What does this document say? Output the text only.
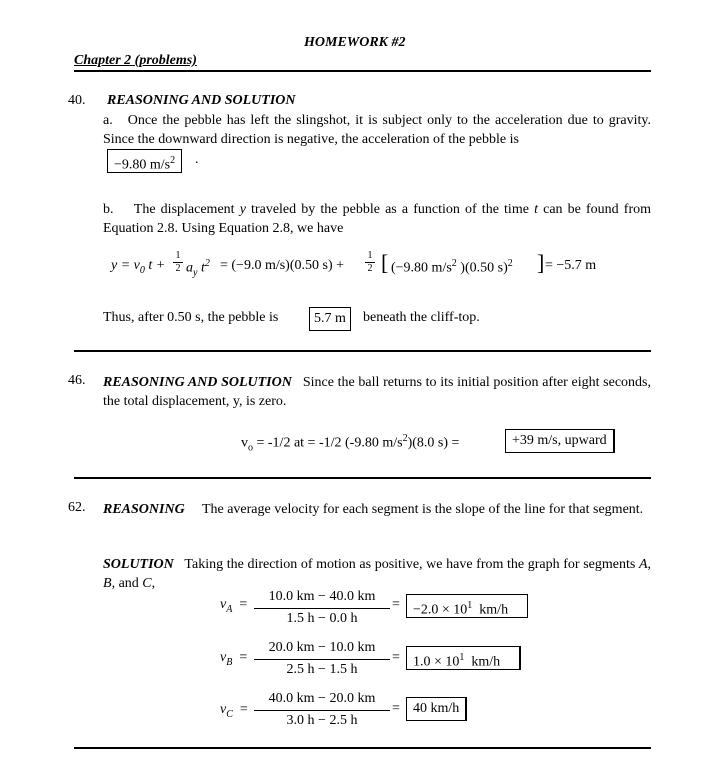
HOMEWORK #2
Chapter 2 (problems)
40. REASONING AND SOLUTION
a. Once the pebble has left the slingshot, it is subject only to the acceleration due to gravity. Since the downward direction is negative, the acceleration of the pebble is
−9.80 $m/s^2$	.
b. The displacement y traveled by the pebble as a function of the time t can be found from Equation 2.8. Using Equation 2.8, we have
$y = v_0$ $t + \frac{1}{2} a_y$ $t^2 = (-9.0$ m/s)(0.50 $s) + \frac{1}{2}$ [ (−9.80 $m/s^2$ )(0.50 s)$^2$ ] = −5.7 m
Thus, after 0.50 s, the pebble is	5.7 m	beneath the cliff-top.
46. REASONING AND SOLUTION Since the ball returns to its initial position after eight seconds, the total displacement, y, is zero.
$v_o = -1/2$ at = -1/2 (-9.80 $m/s^2)(8.0$ s) =	+39 m/s, upward
62. REASONING The average velocity for each segment is the slope of the line for that segment.
SOLUTION Taking the direction of motion as positive, we have from the graph for segments A, B, and C,
$v_A = \frac{10.0 km - 40.0 km}{1.5 h - 0.0 h} = -2.0 \times 10^1$ km/h
$v_B = \frac{20.0 km - 10.0 km}{2.5 h - 1.5 h} = 1.0 \times 10^1$ km/h
$v_C = \frac{40.0 km - 20.0 km}{3.0 h - 2.5 h} = 40$ km/h
